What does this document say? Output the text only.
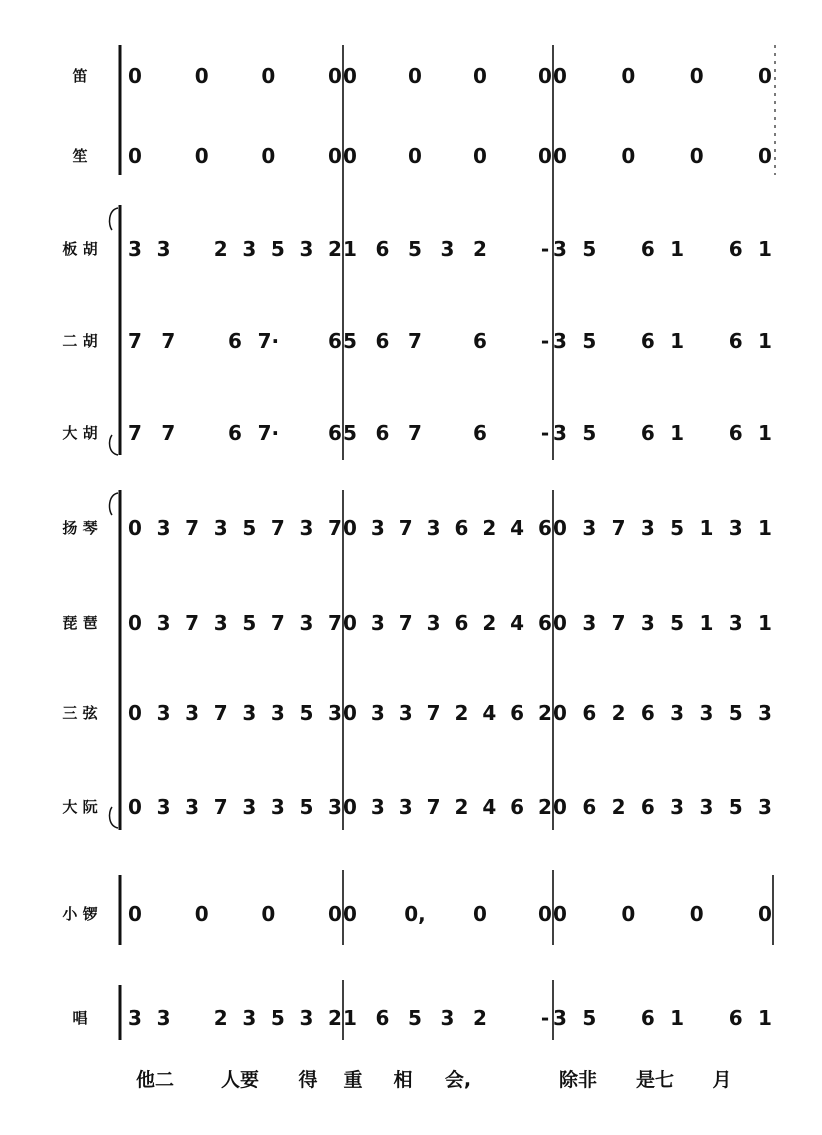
0	0	0	0 0	0	0	0 0	0	0	0
0	0	0	0 0	0	0	0 0	0	0	0
3 3 2 3 5 3 2 1 6 5 3 2	- 3 5 6 1 6 1
7 7	6 7· 6 5 6 7	6	- 3 5 6 1 6 1
7 7	6 7· 6 5 6 7	6	- 3 5 6 1 6 1
0 3 7 3 5 7 3 7 0 3 7 3 6 2 4 6 0 3 7 3 5 1 3 1
0 3 7 3 5 7 3 7 0 3 7 3 6 2 4 6 0 3 7 3 5 1 3 1
0 3 3 7 3 3 5 3 0 3 3 7 2 4 6 2 0 6 2 6 3 3 5 3
0 3 3 7 3 3 5 3 0 3 3 7 2 4 6 2 0 6 2 6 3 3 5 3
0	0	0	0 0 0, 0	0 0	0	0	0
3 3 2 3 5 3 2 1 6 5 3 2	- 3 5 6 1 6 1
笛
笙
板 胡
二 胡
大 胡
扬 琴
琵 琶
三 弦
大 阮
小 锣
唱
他二 人要 得 重 相 会,	除非 是七 月
